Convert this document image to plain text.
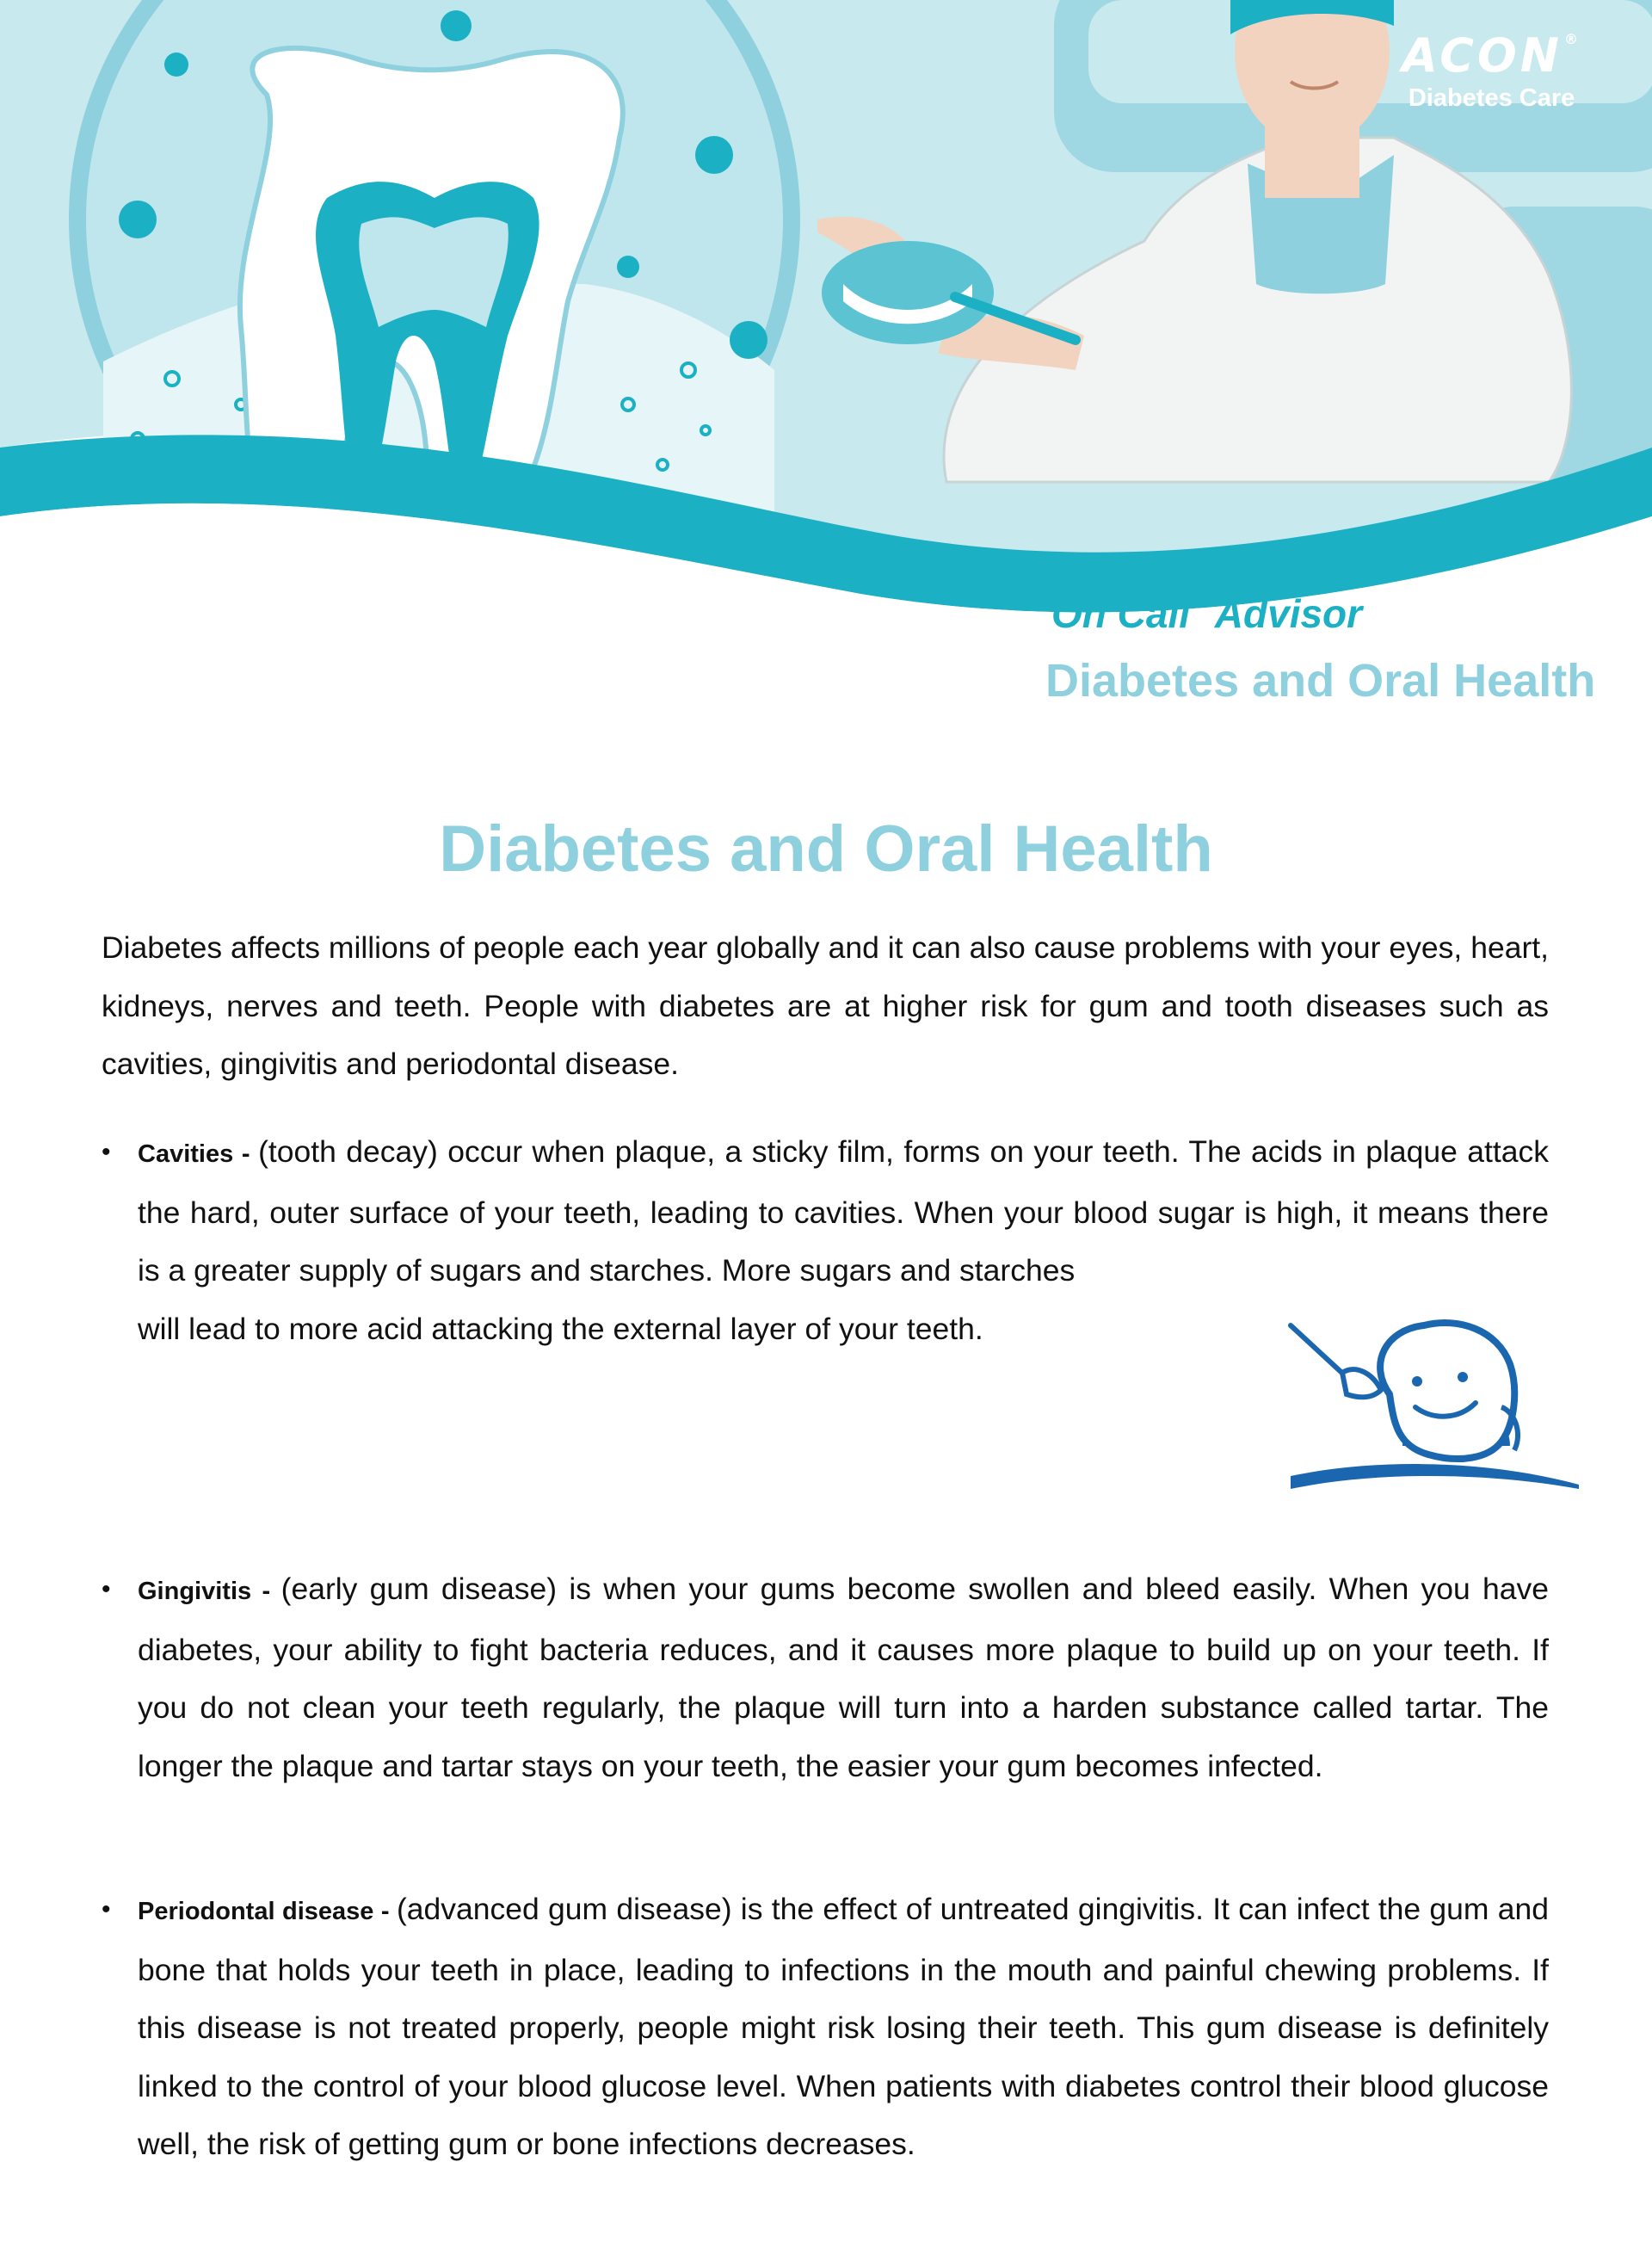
ACON ®
Diabetes Care
On Call® Advisor
Diabetes and Oral Health
Diabetes and Oral Health

Diabetes affects millions of people each year globally and it can also cause problems with your eyes, heart, kidneys, nerves and teeth. People with diabetes are at higher risk for gum and tooth diseases such as cavities, gingivitis and periodontal disease.

• Cavities - (tooth decay) occur when plaque, a sticky film, forms on your teeth. The acids in plaque attack the hard, outer surface of your teeth, leading to cavities. When your blood sugar is high, it means there is a greater supply of sugars and starches. More sugars and starches
will lead to more acid attacking the external layer of your teeth.

• Gingivitis - (early gum disease) is when your gums become swollen and bleed easily. When you have diabetes, your ability to fight bacteria reduces, and it causes more plaque to build up on your teeth. If you do not clean your teeth regularly, the plaque will turn into a harden substance called tartar. The longer the plaque and tartar stays on your teeth, the easier your gum becomes infected.

• Periodontal disease - (advanced gum disease) is the effect of untreated gingivitis. It can infect the gum and bone that holds your teeth in place, leading to infections in the mouth and painful chewing problems. If this disease is not treated properly, people might risk losing their teeth. This gum disease is definitely linked to the control of your blood glucose level. When patients with diabetes control their blood glucose well, the risk of getting gum or bone infections decreases.
